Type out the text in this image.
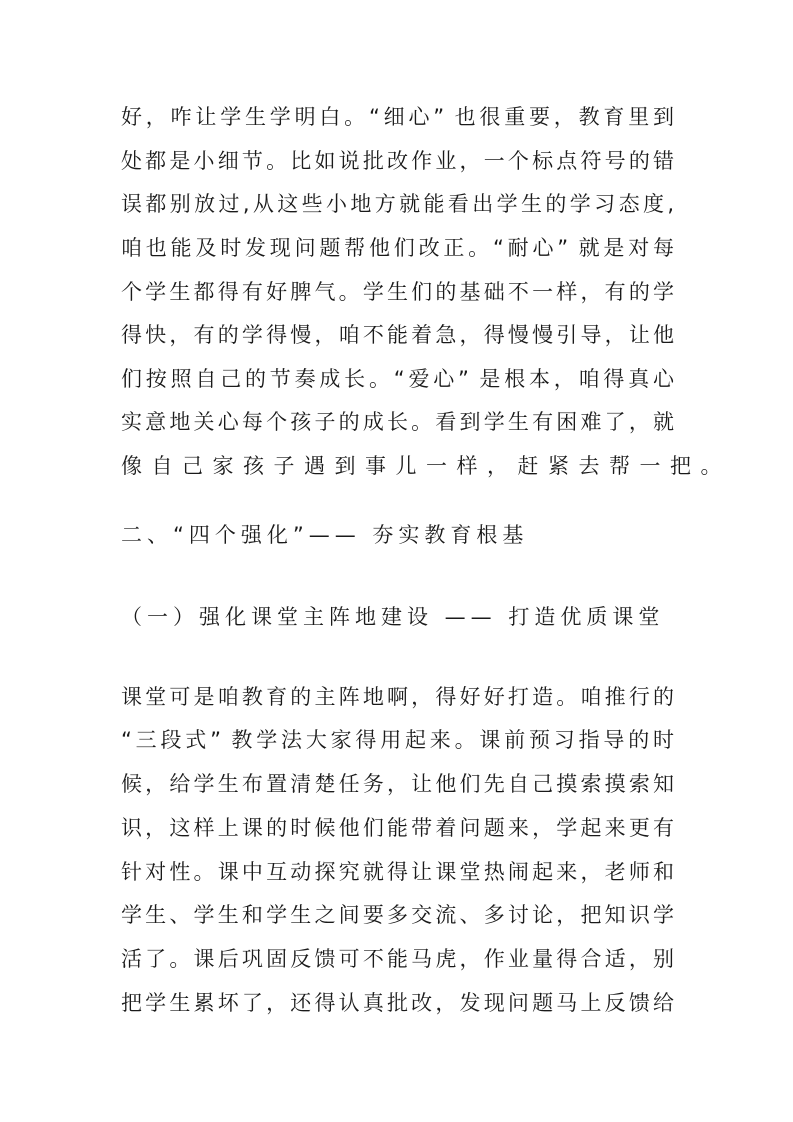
好，咋让学生学明白。“细心” 也很重要，教育里到
处都是小细节。比如说批改作业，一个标点符号的错
误都别放过,从这些小地方就能看出学生的学习态度,
咱也能及时发现问题帮他们改正。“耐心” 就是对每
个学生都得有好脾气。学生们的基础不一样，有的学
得快，有的学得慢，咱不能着急，得慢慢引导，让他
们按照自己的节奏成长。“爱心” 是根本，咱得真心
实意地关心每个孩子的成长。看到学生有困难了，就
像自己家孩子遇到事儿一样，赶紧去帮一把。
二、“四个强化”—— 夯实教育根基
（一）强化课堂主阵地建设 —— 打造优质课堂
课堂可是咱教育的主阵地啊，得好好打造。咱推行的
“三段式” 教学法大家得用起来。课前预习指导的时
候，给学生布置清楚任务，让他们先自己摸索摸索知
识，这样上课的时候他们能带着问题来，学起来更有
针对性。课中互动探究就得让课堂热闹起来，老师和
学生、学生和学生之间要多交流、多讨论，把知识学
活了。课后巩固反馈可不能马虎，作业量得合适，别
把学生累坏了，还得认真批改，发现问题马上反馈给
